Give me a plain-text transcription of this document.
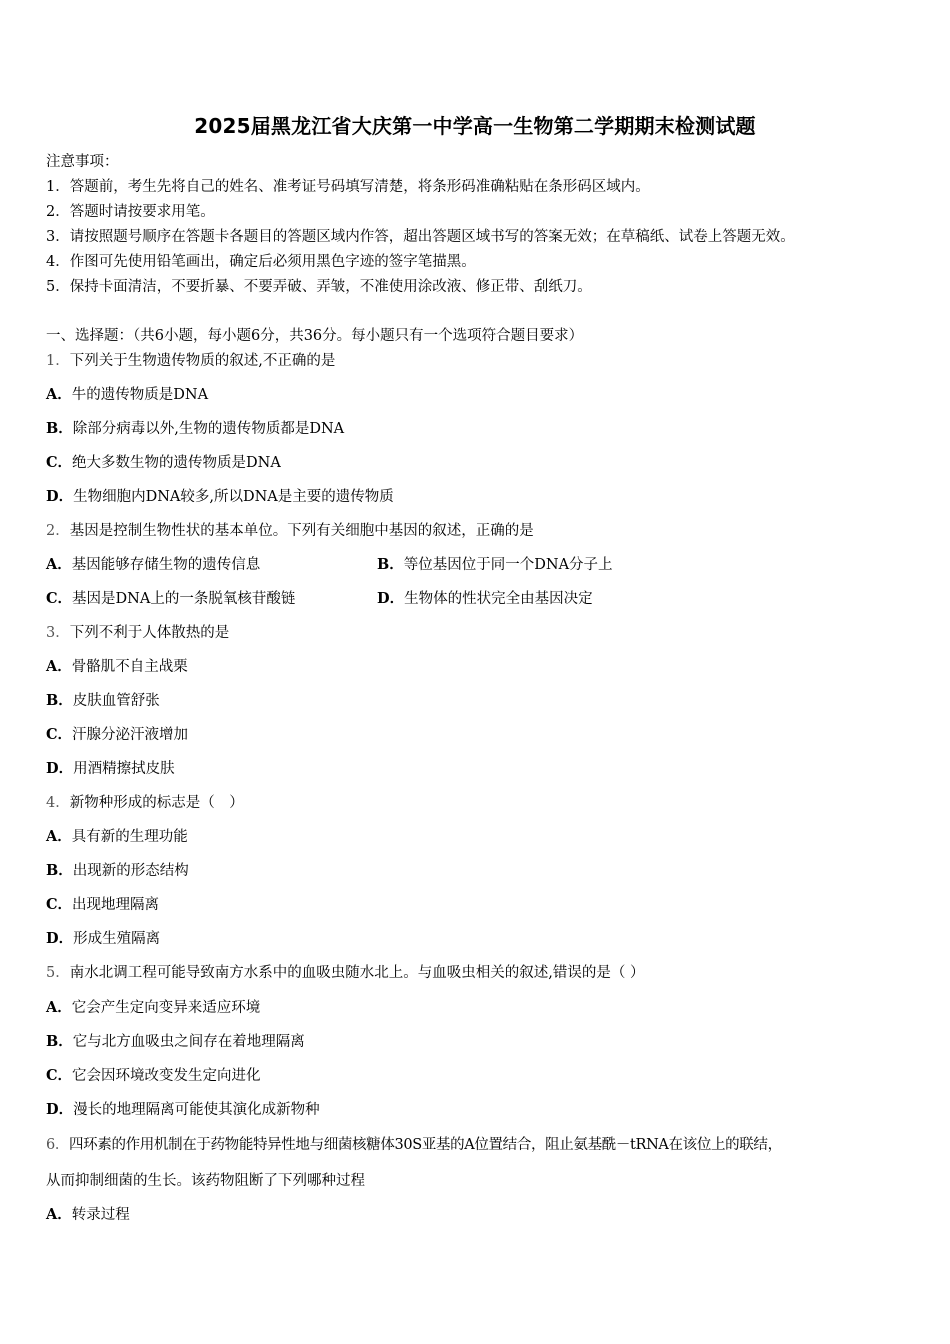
2025届黑龙江省大庆第一中学高一生物第二学期期末检测试题
注意事项：
1．答题前，考生先将自己的姓名、准考证号码填写清楚，将条形码准确粘贴在条形码区域内。
2．答题时请按要求用笔。
3．请按照题号顺序在答题卡各题目的答题区域内作答，超出答题区域书写的答案无效；在草稿纸、试卷上答题无效。
4．作图可先使用铅笔画出，确定后必须用黑色字迹的签字笔描黑。
5．保持卡面清洁，不要折暴、不要弄破、弄皱，不准使用涂改液、修正带、刮纸刀。
一、选择题：（共6小题，每小题6分，共36分。每小题只有一个选项符合题目要求）
1．下列关于生物遗传物质的叙述,不正确的是
A．牛的遗传物质是DNA
B．除部分病毒以外,生物的遗传物质都是DNA
C．绝大多数生物的遗传物质是DNA
D．生物细胞内DNA较多,所以DNA是主要的遗传物质
2．基因是控制生物性状的基本单位。下列有关细胞中基因的叙述，正确的是
A．基因能够存储生物的遗传信息	B．等位基因位于同一个DNA分子上
C．基因是DNA上的一条脱氧核苷酸链	D．生物体的性状完全由基因决定
3．下列不利于人体散热的是
A．骨骼肌不自主战栗
B．皮肤血管舒张
C．汗腺分泌汗液增加
D．用酒精擦拭皮肤
4．新物种形成的标志是（　）
A．具有新的生理功能
B．出现新的形态结构
C．出现地理隔离
D．形成生殖隔离
5．南水北调工程可能导致南方水系中的血吸虫随水北上。与血吸虫相关的叙述,错误的是（ ）
A．它会产生定向变异来适应环境
B．它与北方血吸虫之间存在着地理隔离
C．它会因环境改变发生定向进化
D．漫长的地理隔离可能使其演化成新物种
6．四环素的作用机制在于药物能特异性地与细菌核糖体30S亚基的A位置结合，阻止氨基酰－tRNA在该位上的联结，
从而抑制细菌的生长。该药物阻断了下列哪种过程
A．转录过程
